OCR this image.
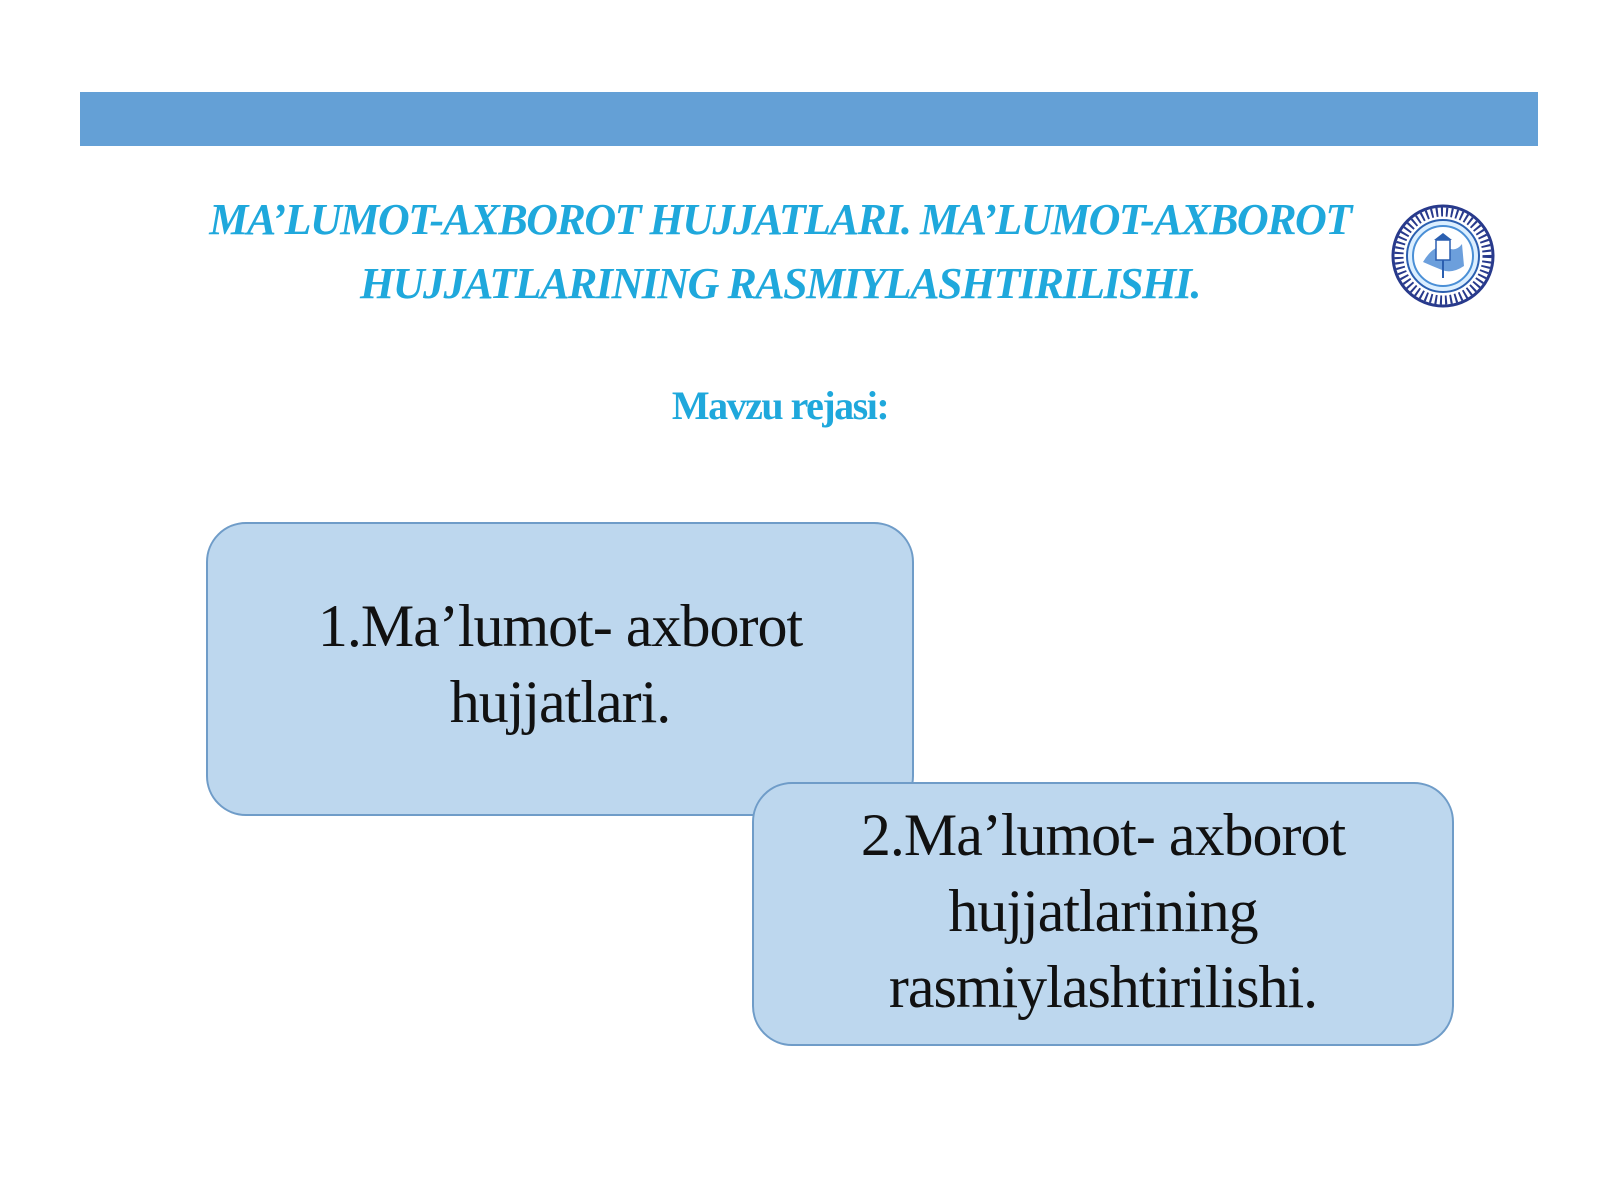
MA’LUMOT-AXBOROT HUJJATLARI. MA’LUMOT-AXBOROT HUJJATLARINING RASMIYLASHTIRILISHI.
Mavzu rejasi:
1.Ma’lumot- axborot hujjatlari.
2.Ma’lumot- axborot hujjatlarining rasmiylashtirilishi.
